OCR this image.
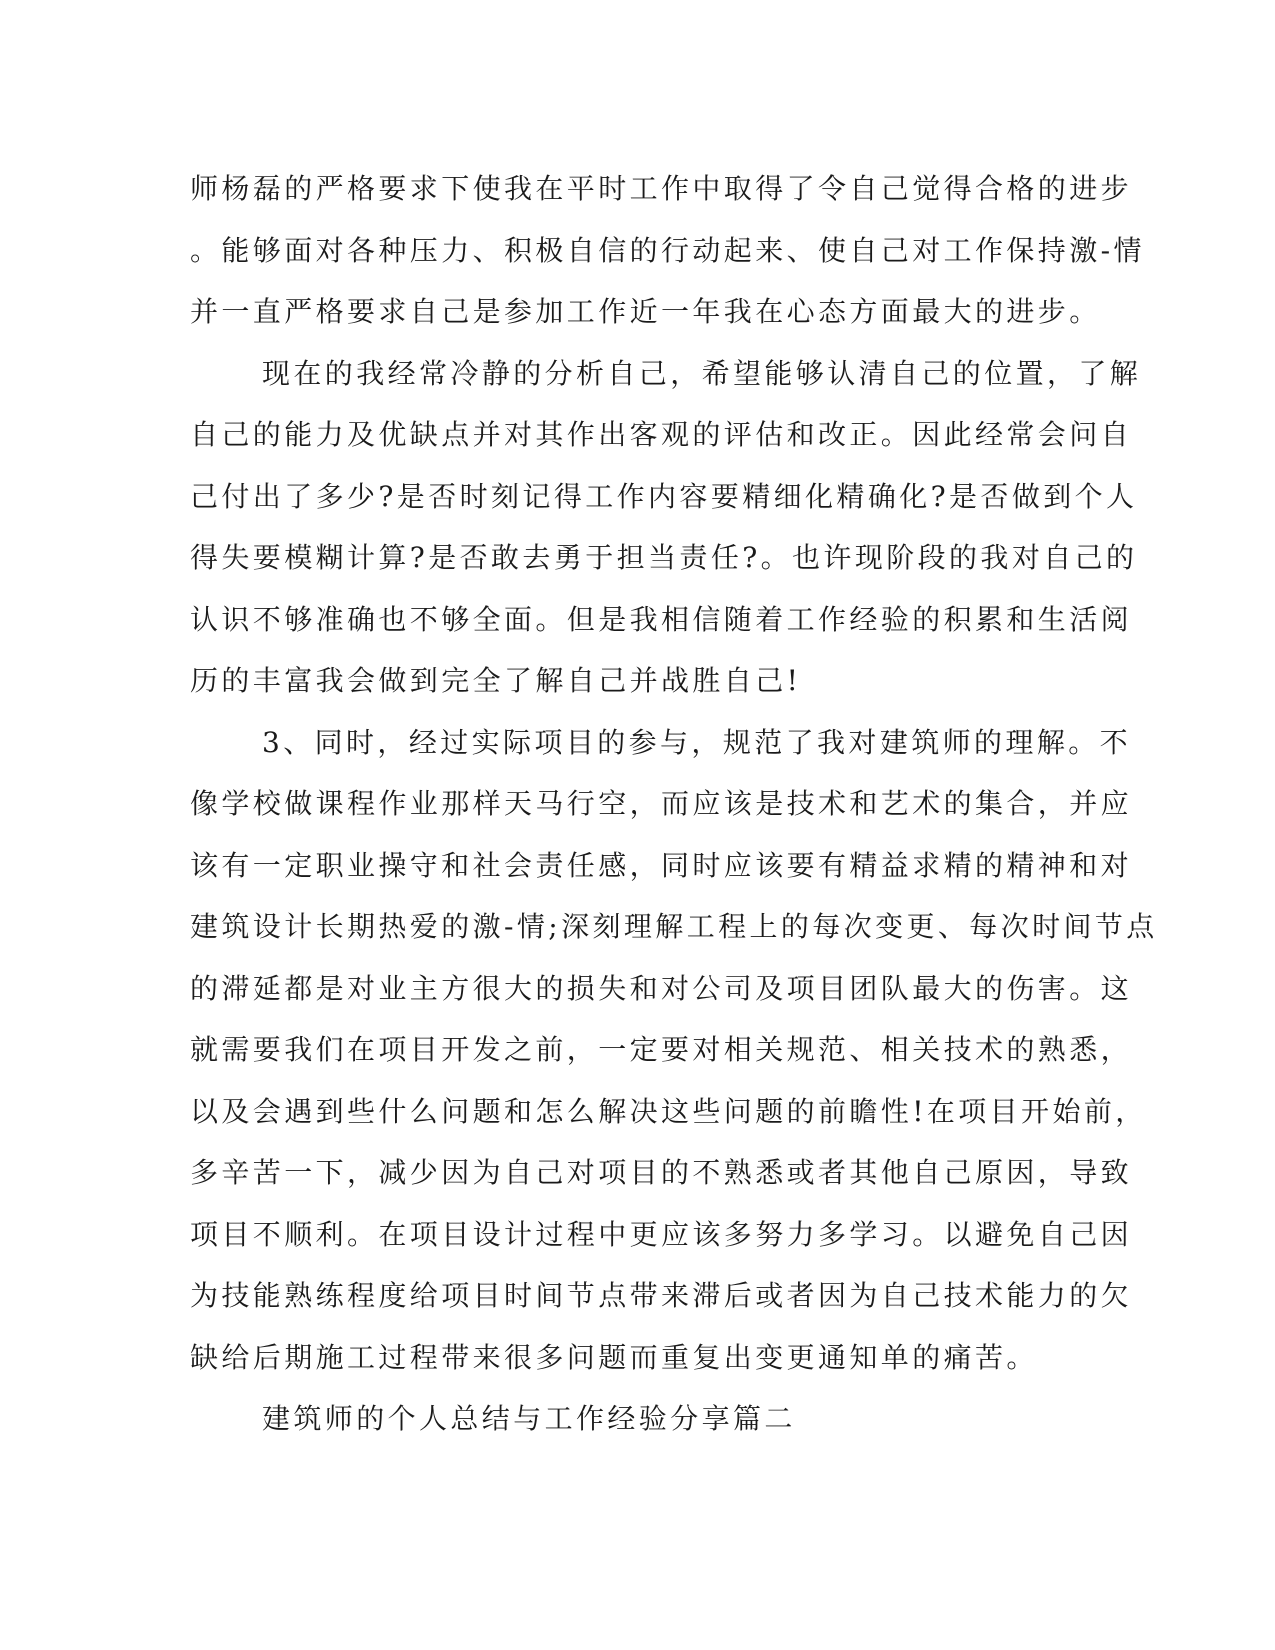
师杨磊的严格要求下使我在平时工作中取得了令自己觉得合格的进步
。能够面对各种压力、积极自信的行动起来、使自己对工作保持激-情
并一直严格要求自己是参加工作近一年我在心态方面最大的进步。
现在的我经常冷静的分析自己，希望能够认清自己的位置，了解
自己的能力及优缺点并对其作出客观的评估和改正。因此经常会问自
己付出了多少?是否时刻记得工作内容要精细化精确化?是否做到个人
得失要模糊计算?是否敢去勇于担当责任?。也许现阶段的我对自己的
认识不够准确也不够全面。但是我相信随着工作经验的积累和生活阅
历的丰富我会做到完全了解自己并战胜自己!
3、同时，经过实际项目的参与，规范了我对建筑师的理解。不
像学校做课程作业那样天马行空，而应该是技术和艺术的集合，并应
该有一定职业操守和社会责任感，同时应该要有精益求精的精神和对
建筑设计长期热爱的激-情;深刻理解工程上的每次变更、每次时间节点
的滞延都是对业主方很大的损失和对公司及项目团队最大的伤害。这
就需要我们在项目开发之前，一定要对相关规范、相关技术的熟悉，
以及会遇到些什么问题和怎么解决这些问题的前瞻性!在项目开始前，
多辛苦一下，减少因为自己对项目的不熟悉或者其他自己原因，导致
项目不顺利。在项目设计过程中更应该多努力多学习。以避免自己因
为技能熟练程度给项目时间节点带来滞后或者因为自己技术能力的欠
缺给后期施工过程带来很多问题而重复出变更通知单的痛苦。
建筑师的个人总结与工作经验分享篇二
